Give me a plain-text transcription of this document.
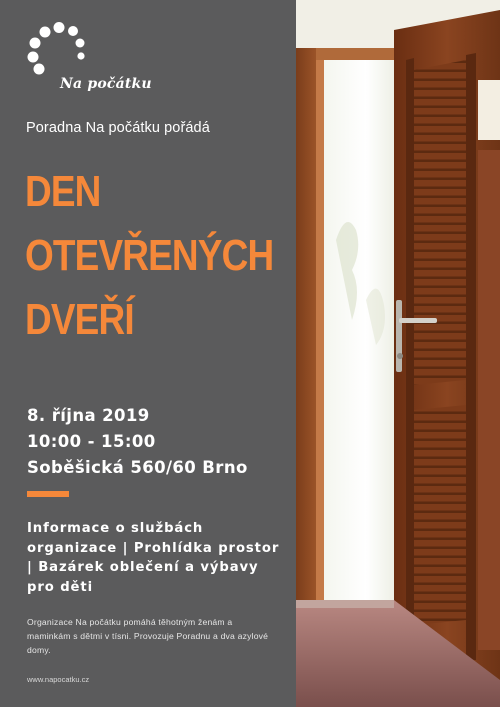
Na počátku
Poradna Na počátku pořádá
DEN
OTEVŘENÝCH
DVEŘÍ
8. října 2019
10:00 - 15:00
Soběšická 560/60 Brno
Informace o službách organizace | Prohlídka prostor | Bazárek oblečení a výbavy pro děti
Organizace Na počátku pomáhá těhotným ženám a maminkám s dětmi v tísni. Provozuje Poradnu a dva azylové domy.
www.napocatku.cz
